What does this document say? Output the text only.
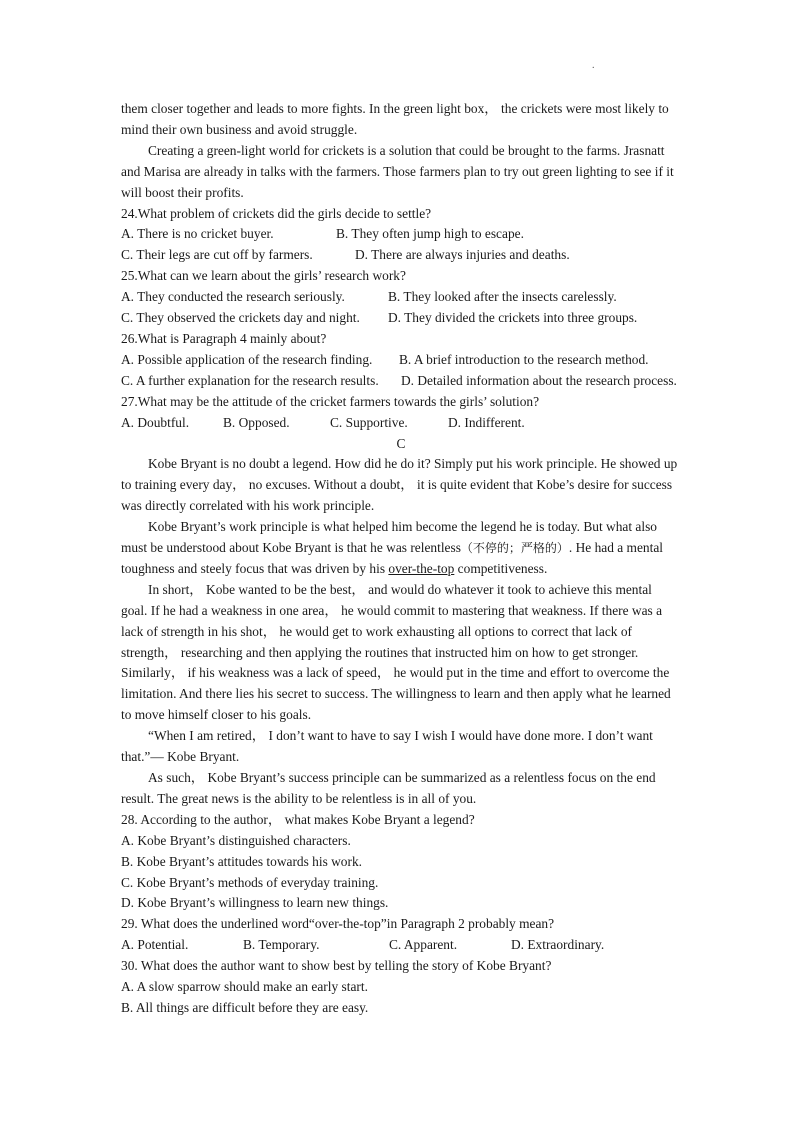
.

them closer together and leads to more fights. In the green light box， the crickets were most likely to mind their own business and avoid struggle.

Creating a green-light world for crickets is a solution that could be brought to the farms. Jrasnatt and Marisa are already in talks with the farmers. Those farmers plan to try out green lighting to see if it will boost their profits.

24.What problem of crickets did the girls decide to settle?

A. There is no cricket buyer.	B. They often jump high to escape.
C. Their legs are cut off by farmers.	D. There are always injuries and deaths.

25.What can we learn about the girls’ research work?

A. They conducted the research seriously.	B. They looked after the insects carelessly.
C. They observed the crickets day and night.	D. They divided the crickets into three groups.

26.What is Paragraph 4 mainly about?

A. Possible application of the research finding.	B. A brief introduction to the research method.
C. A further explanation for the research results.	D. Detailed information about the research process.

27.What may be the attitude of the cricket farmers towards the girls’ solution?

A. Doubtful.	B. Opposed.	C. Supportive.	D. Indifferent.

C

Kobe Bryant is no doubt a legend. How did he do it? Simply put his work principle. He showed up to training every day， no excuses. Without a doubt， it is quite evident that Kobe’s desire for success was directly correlated with his work principle.

Kobe Bryant’s work principle is what helped him become the legend he is today. But what also must be understood about Kobe Bryant is that he was relentless（不停的；严格的）. He had a mental toughness and steely focus that was driven by his over-the-top competitiveness.

In short， Kobe wanted to be the best， and would do whatever it took to achieve this mental goal. If he had a weakness in one area， he would commit to mastering that weakness. If there was a lack of strength in his shot， he would get to work exhausting all options to correct that lack of strength， researching and then applying the routines that instructed him on how to get stronger. Similarly， if his weakness was a lack of speed， he would put in the time and effort to overcome the limitation. And there lies his secret to success. The willingness to learn and then apply what he learned to move himself closer to his goals.

“When I am retired， I don’t want to have to say I wish I would have done more. I don’t want that.”— Kobe Bryant.

As such， Kobe Bryant’s success principle can be summarized as a relentless focus on the end result. The great news is the ability to be relentless is in all of you.

28. According to the author， what makes Kobe Bryant a legend?

A. Kobe Bryant’s distinguished characters.

B. Kobe Bryant’s attitudes towards his work.

C. Kobe Bryant’s methods of everyday training.

D. Kobe Bryant’s willingness to learn new things.

29. What does the underlined word“over-the-top”in Paragraph 2 probably mean?

A. Potential.	B. Temporary.	C. Apparent.	D. Extraordinary.

30. What does the author want to show best by telling the story of Kobe Bryant?

A. A slow sparrow should make an early start.

B. All things are difficult before they are easy.
